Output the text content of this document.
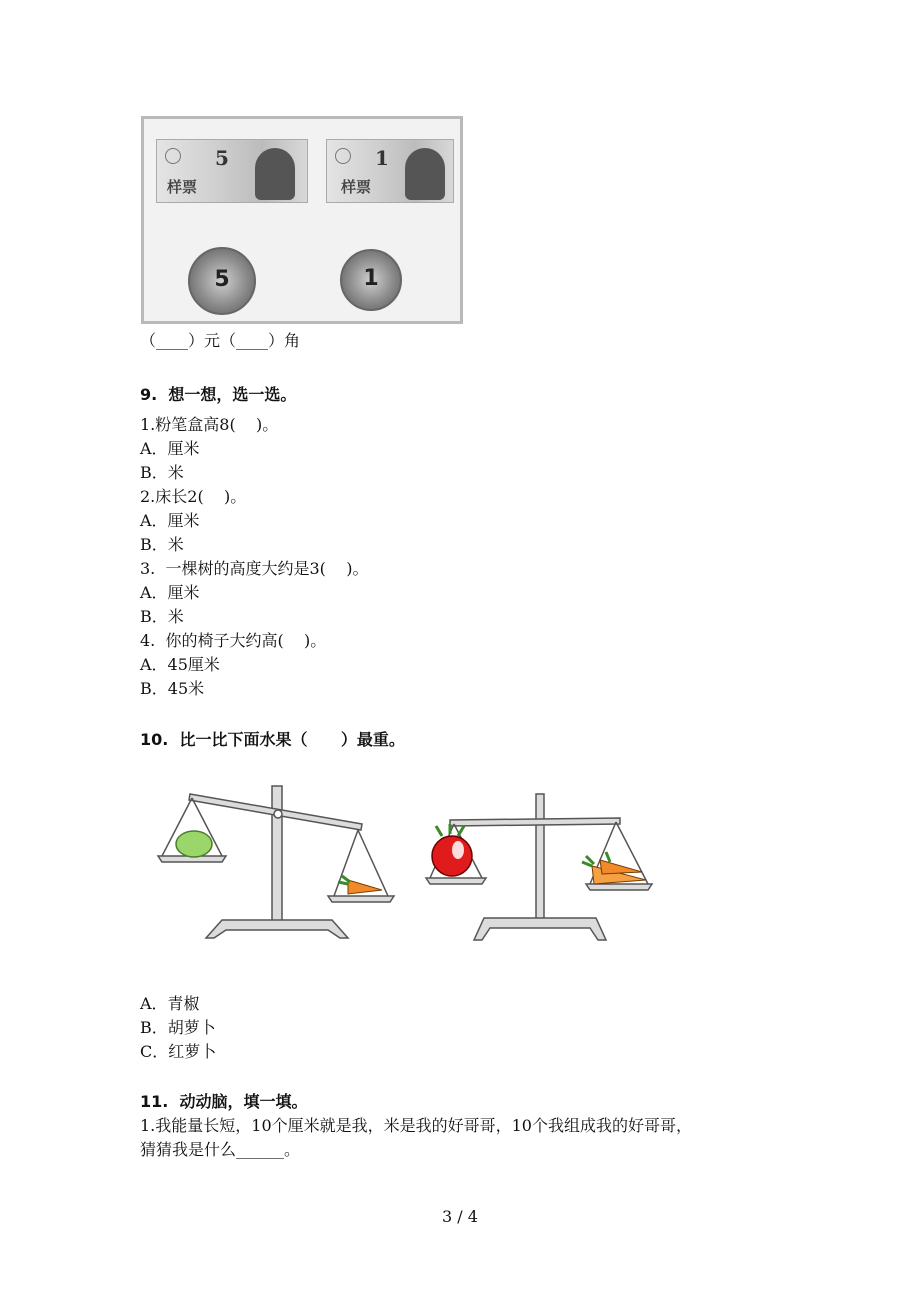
5
样票
1
样票
5	1
（____）元（____）角
9.  想一想，选一选。
1.粉笔盒高8(    )。
A．厘米
B．米
2.床长2(    )。
A．厘米
B．米
3.  一棵树的高度大约是3(    )。
A．厘米
B．米
4.  你的椅子大约高(    )。
A．45厘米
B．45米
10.  比一比下面水果（      ）最重。
A．青椒
B．胡萝卜
C．红萝卜
11.  动动脑，填一填。
1.我能量长短，10个厘米就是我，米是我的好哥哥，10个我组成我的好哥哥，
猜猜我是什么______。
3 / 4
